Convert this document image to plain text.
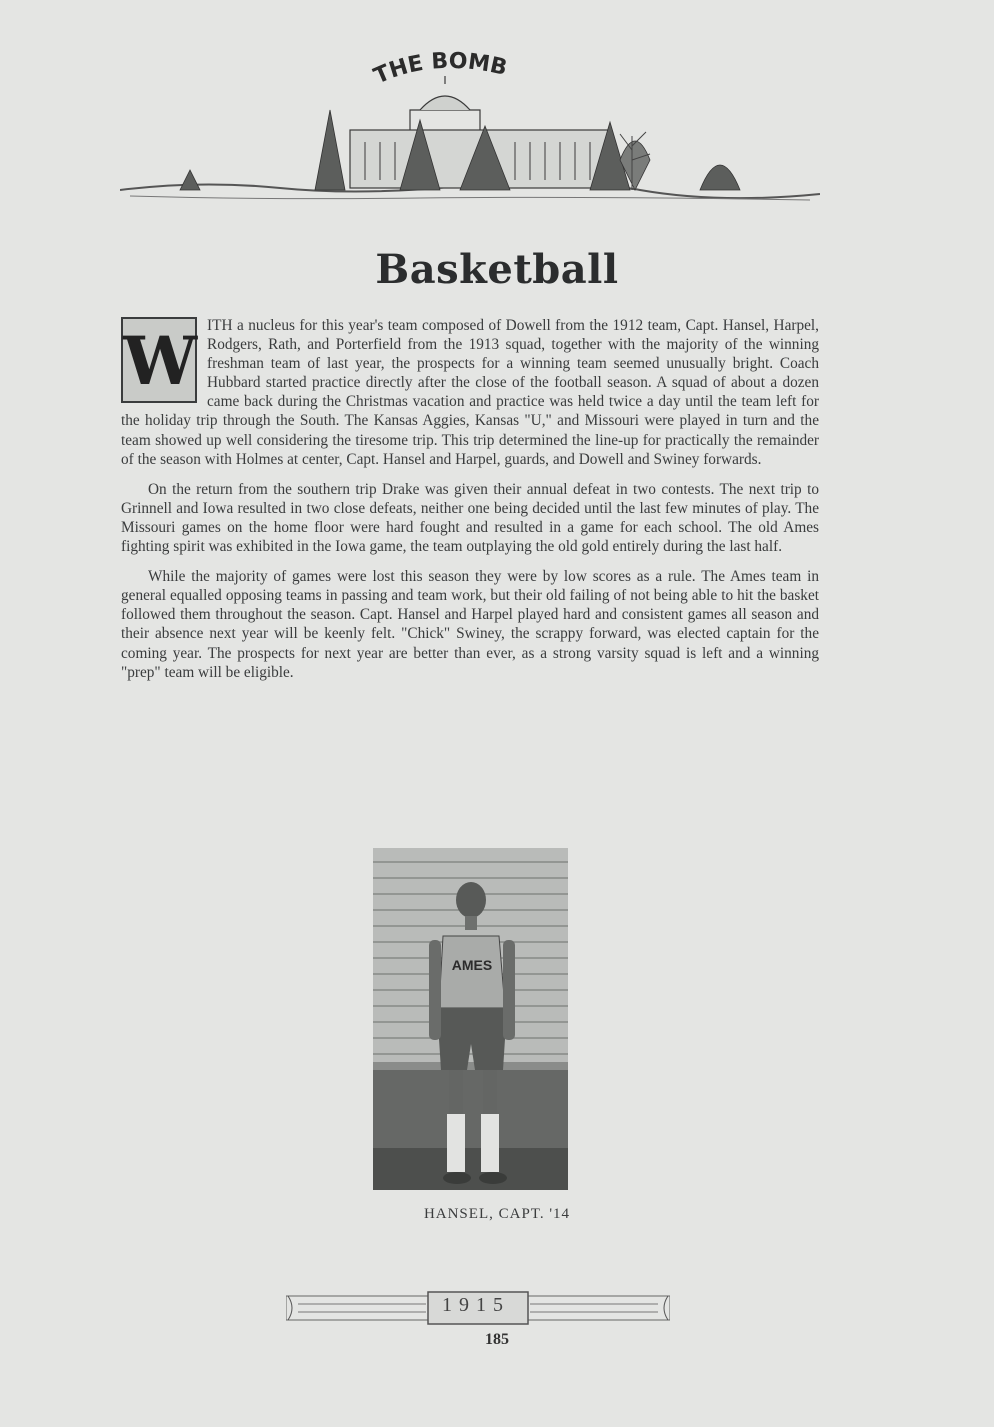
THE BOMB
Basketball

W ITH a nucleus for this year's team composed of Dowell from the 1912 team, Capt. Hansel, Harpel, Rodgers, Rath, and Porterfield from the 1913 squad, together with the majority of the winning freshman team of last year, the prospects for a winning team seemed unusually bright. Coach Hubbard started practice directly after the close of the football season. A squad of about a dozen came back during the Christmas vacation and practice was held twice a day until the team left for the holiday trip through the South. The Kansas Aggies, Kansas "U," and Missouri were played in turn and the team showed up well considering the tiresome trip. This trip determined the line-up for practically the remainder of the season with Holmes at center, Capt. Hansel and Harpel, guards, and Dowell and Swiney forwards.

On the return from the southern trip Drake was given their annual defeat in two contests. The next trip to Grinnell and Iowa resulted in two close defeats, neither one being decided until the last few minutes of play. The Missouri games on the home floor were hard fought and resulted in a game for each school. The old Ames fighting spirit was exhibited in the Iowa game, the team outplaying the old gold entirely during the last half.

While the majority of games were lost this season they were by low scores as a rule. The Ames team in general equalled opposing teams in passing and team work, but their old failing of not being able to hit the basket followed them throughout the season. Capt. Hansel and Harpel played hard and consistent games all season and their absence next year will be keenly felt. "Chick" Swiney, the scrappy forward, was elected captain for the coming year. The prospects for next year are better than ever, as a strong varsity squad is left and a winning "prep" team will be eligible.

AMES
HANSEL, CAPT. '14
1915
185
